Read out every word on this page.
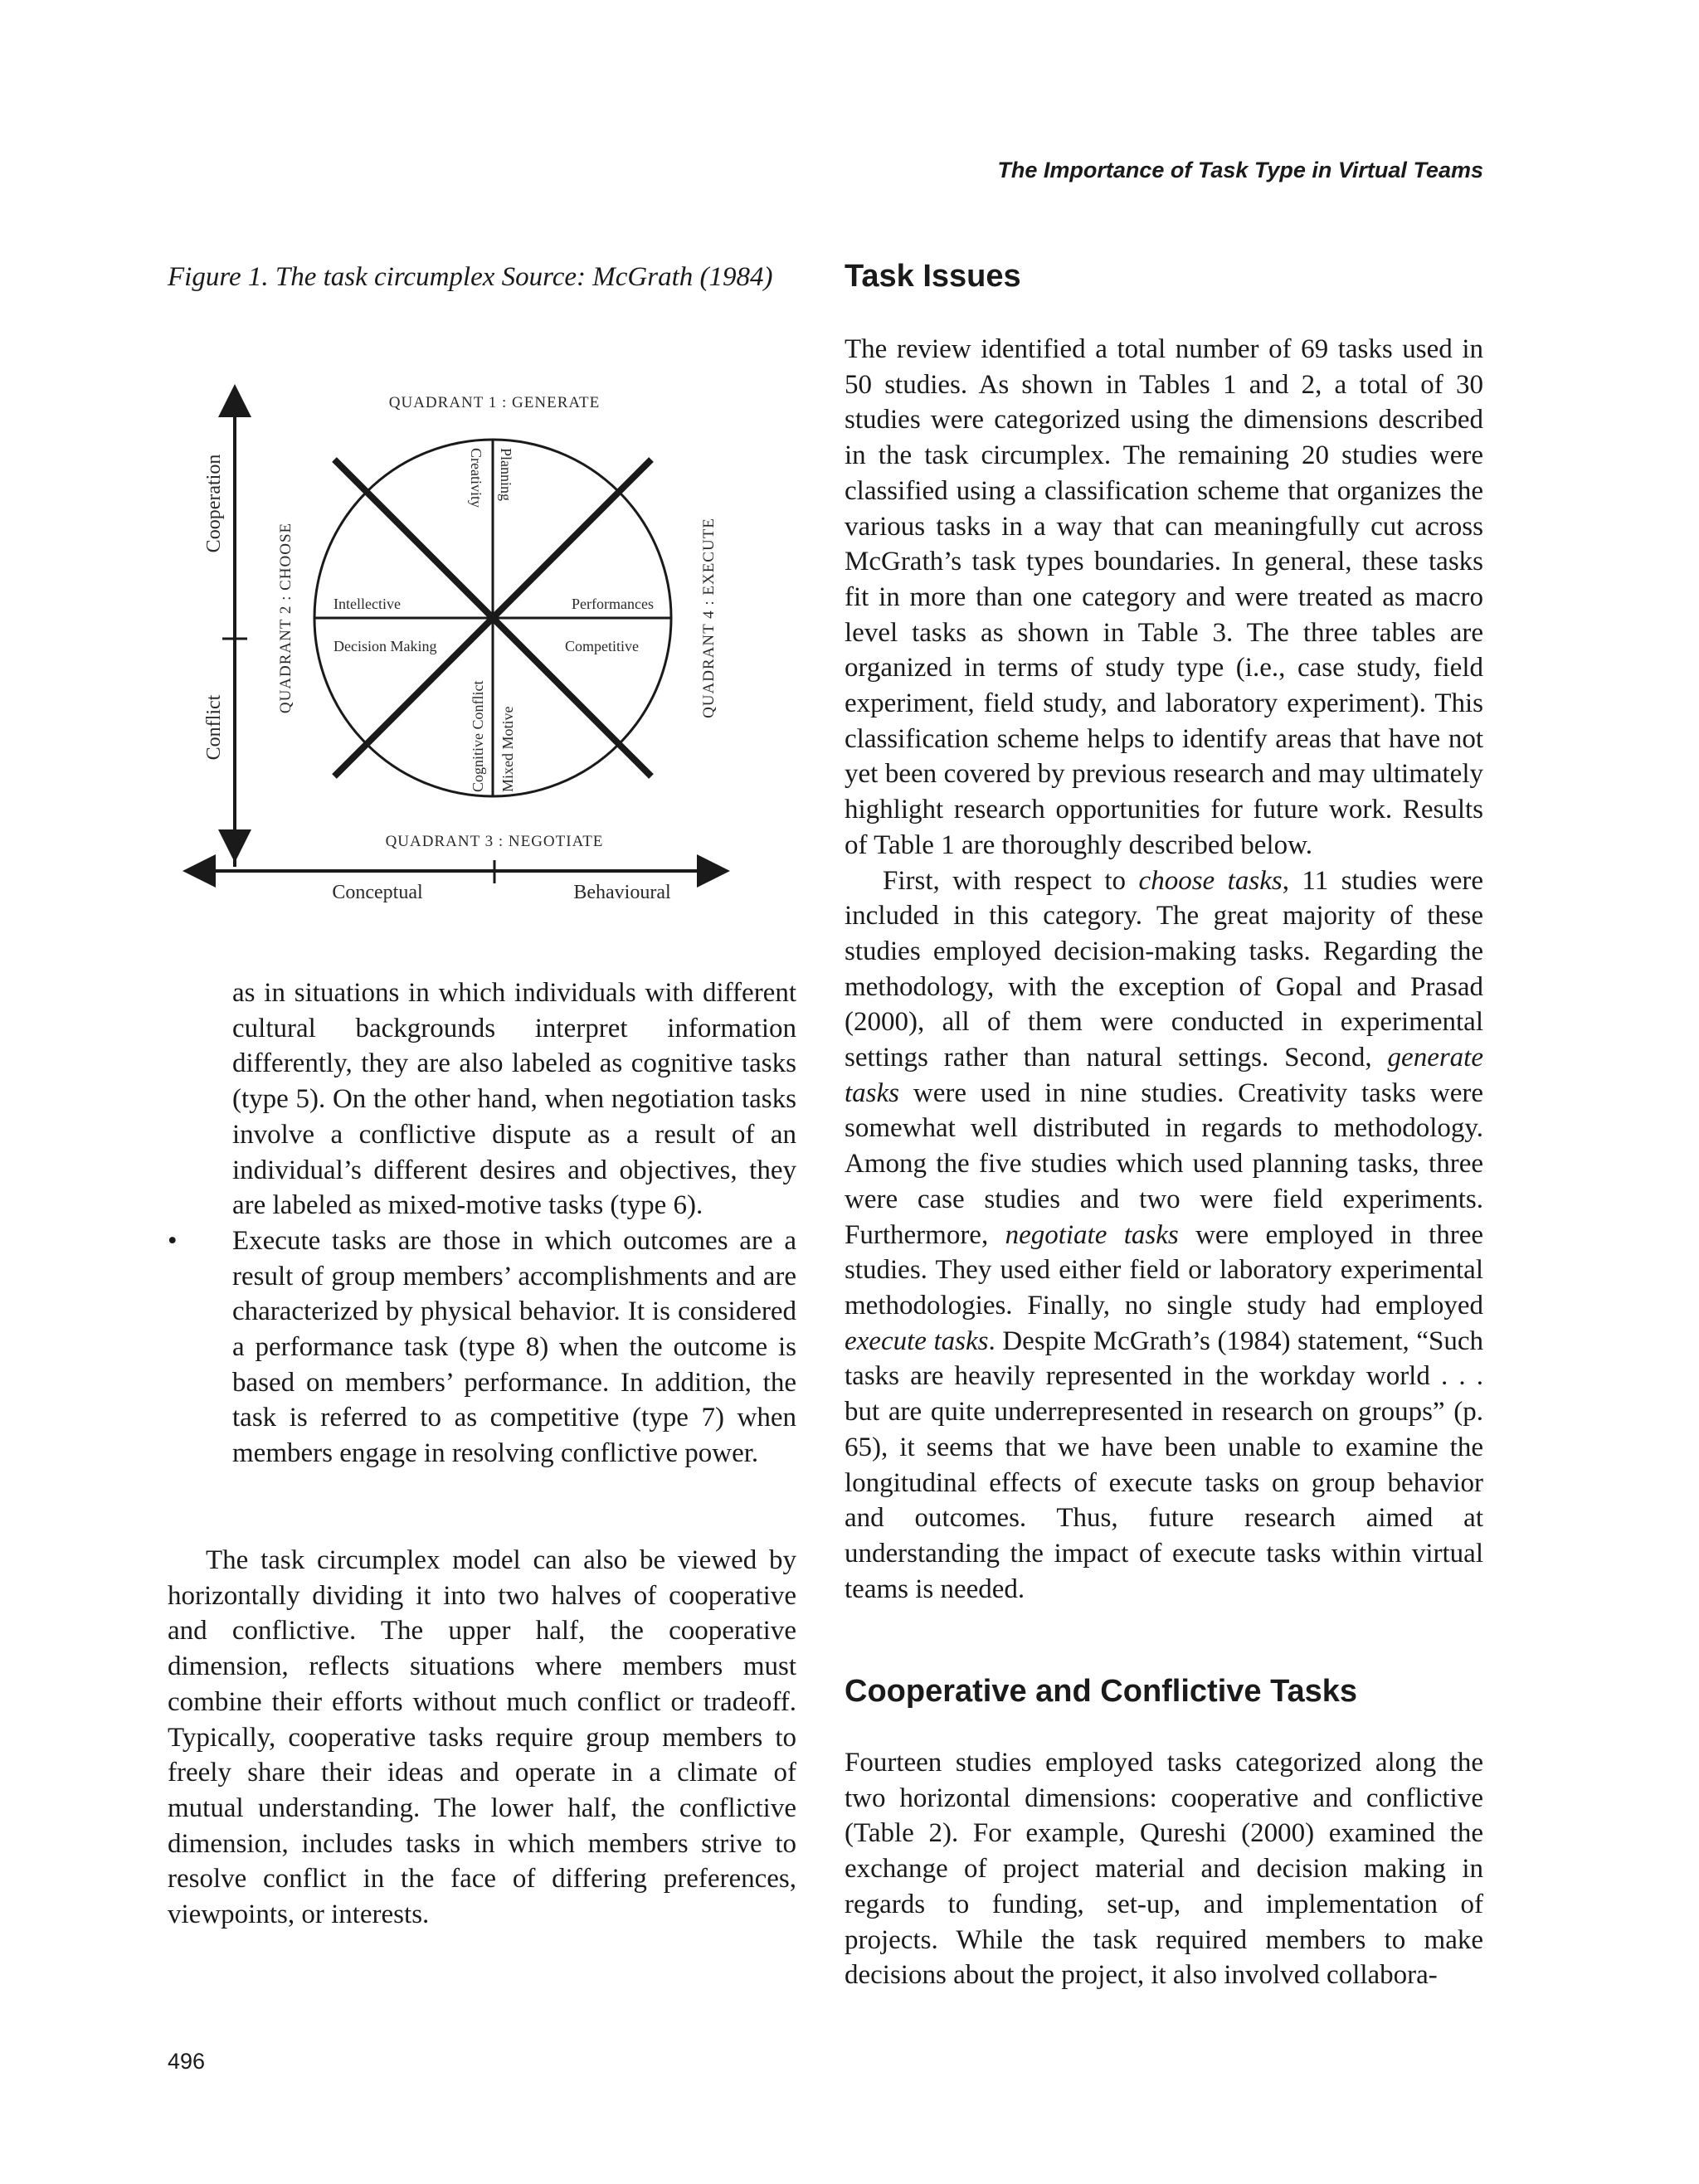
The Importance of Task Type in Virtual Teams
Figure 1. The task circumplex Source: McGrath (1984)
QUADRANT 1 : GENERATE
QUADRANT 3 : NEGOTIATE
QUADRANT 2 : CHOOSE	QUADRANT 4 : EXECUTE
Cooperation
Conflict
Conceptual	Behavioural
Creativity Planning
Intellective
Decision Making
Performances
Competitive
Cognitive Conflict Mixed Motive

as in situations in which individuals with different cultural backgrounds interpret information differently, they are also labeled as cognitive tasks (type 5). On the other hand, when negotiation tasks involve a conflictive dispute as a result of an individual’s different desires and objectives, they are labeled as mixed-motive tasks (type 6).

• Execute tasks are those in which outcomes are a result of group members’ accomplishments and are characterized by physical behavior. It is considered a performance task (type 8) when the outcome is based on members’ performance. In addition, the task is referred to as competitive (type 7) when members engage in resolving conflictive power.

The task circumplex model can also be viewed by horizontally dividing it into two halves of cooperative and conflictive. The upper half, the cooperative dimension, reflects situations where members must combine their efforts without much conflict or tradeoff. Typically, cooperative tasks require group members to freely share their ideas and operate in a climate of mutual understanding. The lower half, the conflictive dimension, includes tasks in which members strive to resolve conflict in the face of differing preferences, viewpoints, or interests.

Task Issues

The review identified a total number of 69 tasks used in 50 studies. As shown in Tables 1 and 2, a total of 30 studies were categorized using the dimensions described in the task circumplex. The remaining 20 studies were classified using a classification scheme that organizes the various tasks in a way that can meaningfully cut across McGrath’s task types boundaries. In general, these tasks fit in more than one category and were treated as macro level tasks as shown in Table 3. The three tables are organized in terms of study type (i.e., case study, field experiment, field study, and laboratory experiment). This classification scheme helps to identify areas that have not yet been covered by previous research and may ultimately highlight research opportunities for future work. Results of Table 1 are thoroughly described below.

First, with respect to choose tasks, 11 studies were included in this category. The great majority of these studies employed decision-making tasks. Regarding the methodology, with the exception of Gopal and Prasad (2000), all of them were conducted in experimental settings rather than natural settings. Second, generate tasks were used in nine studies. Creativity tasks were somewhat well distributed in regards to methodology. Among the five studies which used planning tasks, three were case studies and two were field experiments. Furthermore, negotiate tasks were employed in three studies. They used either field or laboratory experimental methodologies. Finally, no single study had employed execute tasks. Despite McGrath’s (1984) statement, “Such tasks are heavily represented in the workday world . . . but are quite underrepresented in research on groups” (p. 65), it seems that we have been unable to examine the longitudinal effects of execute tasks on group behavior and outcomes. Thus, future research aimed at understanding the impact of execute tasks within virtual teams is needed.

Cooperative and Conflictive Tasks

Fourteen studies employed tasks categorized along the two horizontal dimensions: cooperative and conflictive (Table 2). For example, Qureshi (2000) examined the exchange of project material and decision making in regards to funding, set-up, and implementation of projects. While the task required members to make decisions about the project, it also involved collabora-

496
